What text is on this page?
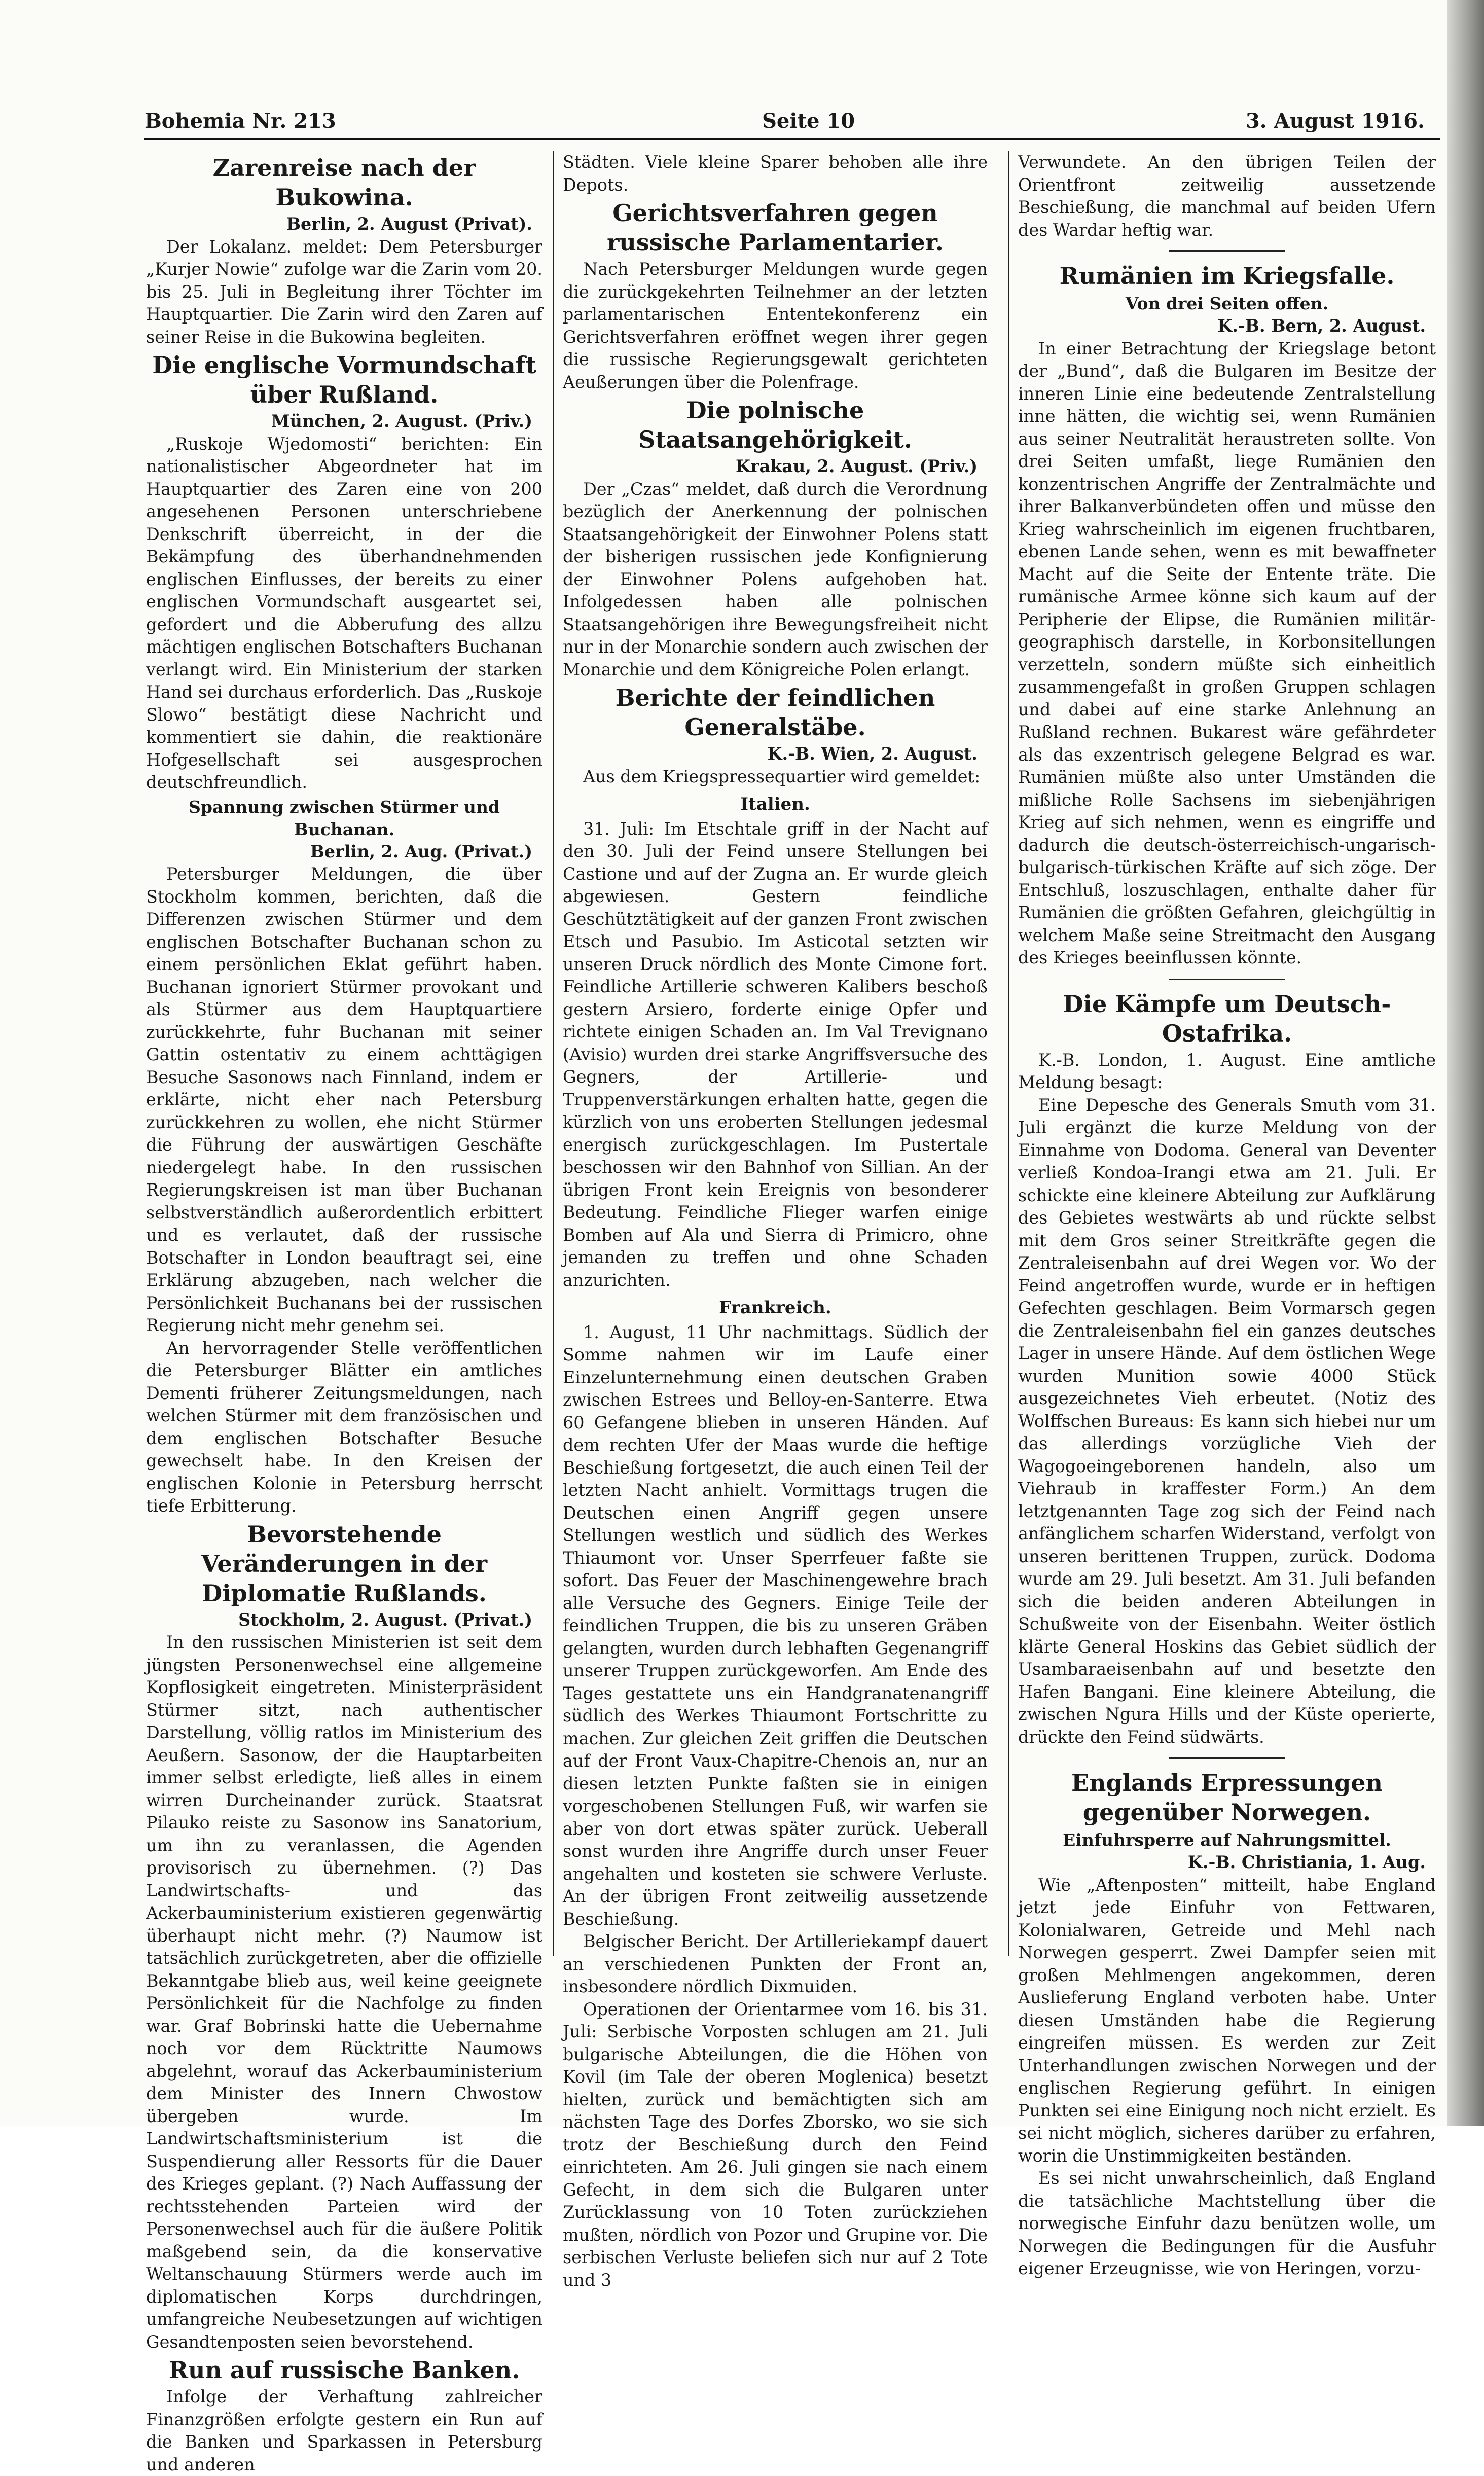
Bohemia Nr. 213	Seite 10	3. August 1916.
Zarenreise nach der Bukowina.

Berlin, 2. August (Privat).

Der Lokalanz. meldet: Dem Petersburger „Kurjer Nowie“ zufolge war die Zarin vom 20. bis 25. Juli in Begleitung ihrer Töchter im Hauptquartier. Die Zarin wird den Zaren auf seiner Reise in die Bukowina begleiten.

Die englische Vormundschaft über Rußland.

München, 2. August. (Priv.)

„Ruskoje Wjedomosti“ berichten: Ein nationalistischer Abgeordneter hat im Hauptquartier des Zaren eine von 200 angesehenen Personen unterschriebene Denkschrift überreicht, in der die Bekämpfung des überhandnehmenden englischen Einflusses, der bereits zu einer englischen Vormundschaft ausgeartet sei, gefordert und die Abberufung des allzu mächtigen englischen Botschafters Buchanan verlangt wird. Ein Ministerium der starken Hand sei durchaus erforderlich. Das „Ruskoje Slowo“ bestätigt diese Nachricht und kommentiert sie dahin, die reaktionäre Hofgesellschaft sei ausgesprochen deutschfreundlich.

Spannung zwischen Stürmer und Buchanan.

Berlin, 2. Aug. (Privat.)

Petersburger Meldungen, die über Stockholm kommen, berichten, daß die Differenzen zwischen Stürmer und dem englischen Botschafter Buchanan schon zu einem persönlichen Eklat geführt haben. Buchanan ignoriert Stürmer provokant und als Stürmer aus dem Hauptquartiere zurückkehrte, fuhr Buchanan mit seiner Gattin ostentativ zu einem achttägigen Besuche Sasonows nach Finnland, indem er erklärte, nicht eher nach Petersburg zurückkehren zu wollen, ehe nicht Stürmer die Führung der auswärtigen Geschäfte niedergelegt habe. In den russischen Regierungskreisen ist man über Buchanan selbstverständlich außerordentlich erbittert und es verlautet, daß der russische Botschafter in London beauftragt sei, eine Erklärung abzugeben, nach welcher die Persönlichkeit Buchanans bei der russischen Regierung nicht mehr genehm sei.

An hervorragender Stelle veröffentlichen die Petersburger Blätter ein amtliches Dementi früherer Zeitungsmeldungen, nach welchen Stürmer mit dem französischen und dem englischen Botschafter Besuche gewechselt habe. In den Kreisen der englischen Kolonie in Petersburg herrscht tiefe Erbitterung.

Bevorstehende Veränderungen in der Diplomatie Rußlands.

Stockholm, 2. August. (Privat.)

In den russischen Ministerien ist seit dem jüngsten Personenwechsel eine allgemeine Kopflosigkeit eingetreten. Ministerpräsident Stürmer sitzt, nach authentischer Darstellung, völlig ratlos im Ministerium des Aeußern. Sasonow, der die Hauptarbeiten immer selbst erledigte, ließ alles in einem wirren Durcheinander zurück. Staatsrat Pilauko reiste zu Sasonow ins Sanatorium, um ihn zu veranlassen, die Agenden provisorisch zu übernehmen. (?) Das Landwirtschafts- und das Ackerbauministerium existieren gegenwärtig überhaupt nicht mehr. (?) Naumow ist tatsächlich zurückgetreten, aber die offizielle Bekanntgabe blieb aus, weil keine geeignete Persönlichkeit für die Nachfolge zu finden war. Graf Bobrinski hatte die Uebernahme noch vor dem Rücktritte Naumows abgelehnt, worauf das Ackerbauministerium dem Minister des Innern Chwostow übergeben wurde. Im Landwirtschaftsministerium ist die Suspendierung aller Ressorts für die Dauer des Krieges geplant. (?) Nach Auffassung der rechtsstehenden Parteien wird der Personenwechsel auch für die äußere Politik maßgebend sein, da die konservative Weltanschauung Stürmers werde auch im diplomatischen Korps durchdringen, umfangreiche Neubesetzungen auf wichtigen Gesandtenposten seien bevorstehend.

Run auf russische Banken.

Infolge der Verhaftung zahlreicher Finanzgrößen erfolgte gestern ein Run auf die Banken und Sparkassen in Petersburg und anderen

Städten. Viele kleine Sparer behoben alle ihre Depots.

Gerichtsverfahren gegen russische Parlamentarier.

Nach Petersburger Meldungen wurde gegen die zurückgekehrten Teilnehmer an der letzten parlamentarischen Ententekonferenz ein Gerichtsverfahren eröffnet wegen ihrer gegen die russische Regierungsgewalt gerichteten Aeußerungen über die Polenfrage.

Die polnische Staatsangehörigkeit.

Krakau, 2. August. (Priv.)

Der „Czas“ meldet, daß durch die Verordnung bezüglich der Anerkennung der polnischen Staatsangehörigkeit der Einwohner Polens statt der bisherigen russischen jede Konfignierung der Einwohner Polens aufgehoben hat. Infolgedessen haben alle polnischen Staatsangehörigen ihre Bewegungsfreiheit nicht nur in der Monarchie sondern auch zwischen der Monarchie und dem Königreiche Polen erlangt.

Berichte der feindlichen Generalstäbe.

K.-B. Wien, 2. August.

Aus dem Kriegspressequartier wird gemeldet:

Italien.

31. Juli: Im Etschtale griff in der Nacht auf den 30. Juli der Feind unsere Stellungen bei Castione und auf der Zugna an. Er wurde gleich abgewiesen. Gestern feindliche Geschütztätigkeit auf der ganzen Front zwischen Etsch und Pasubio. Im Asticotal setzten wir unseren Druck nördlich des Monte Cimone fort. Feindliche Artillerie schweren Kalibers beschoß gestern Arsiero, forderte einige Opfer und richtete einigen Schaden an. Im Val Trevignano (Avisio) wurden drei starke Angriffsversuche des Gegners, der Artillerie- und Truppenverstärkungen erhalten hatte, gegen die kürzlich von uns eroberten Stellungen jedesmal energisch zurückgeschlagen. Im Pustertale beschossen wir den Bahnhof von Sillian. An der übrigen Front kein Ereignis von besonderer Bedeutung. Feindliche Flieger warfen einige Bomben auf Ala und Sierra di Primicro, ohne jemanden zu treffen und ohne Schaden anzurichten.

Frankreich.

1. August, 11 Uhr nachmittags. Südlich der Somme nahmen wir im Laufe einer Einzelunternehmung einen deutschen Graben zwischen Estrees und Belloy-en-Santerre. Etwa 60 Gefangene blieben in unseren Händen. Auf dem rechten Ufer der Maas wurde die heftige Beschießung fortgesetzt, die auch einen Teil der letzten Nacht anhielt. Vormittags trugen die Deutschen einen Angriff gegen unsere Stellungen westlich und südlich des Werkes Thiaumont vor. Unser Sperrfeuer faßte sie sofort. Das Feuer der Maschinengewehre brach alle Versuche des Gegners. Einige Teile der feindlichen Truppen, die bis zu unseren Gräben gelangten, wurden durch lebhaften Gegenangriff unserer Truppen zurückgeworfen. Am Ende des Tages gestattete uns ein Handgranatenangriff südlich des Werkes Thiaumont Fortschritte zu machen. Zur gleichen Zeit griffen die Deutschen auf der Front Vaux-Chapitre-Chenois an, nur an diesen letzten Punkte faßten sie in einigen vorgeschobenen Stellungen Fuß, wir warfen sie aber von dort etwas später zurück. Ueberall sonst wurden ihre Angriffe durch unser Feuer angehalten und kosteten sie schwere Verluste. An der übrigen Front zeitweilig aussetzende Beschießung.

Belgischer Bericht. Der Artilleriekampf dauert an verschiedenen Punkten der Front an, insbesondere nördlich Dixmuiden.

Operationen der Orientarmee vom 16. bis 31. Juli: Serbische Vorposten schlugen am 21. Juli bulgarische Abteilungen, die die Höhen von Kovil (im Tale der oberen Moglenica) besetzt hielten, zurück und bemächtigten sich am nächsten Tage des Dorfes Zborsko, wo sie sich trotz der Beschießung durch den Feind einrichteten. Am 26. Juli gingen sie nach einem Gefecht, in dem sich die Bulgaren unter Zurücklassung von 10 Toten zurückziehen mußten, nördlich von Pozor und Grupine vor. Die serbischen Verluste beliefen sich nur auf 2 Tote und 3

Verwundete. An den übrigen Teilen der Orientfront zeitweilig aussetzende Beschießung, die manchmal auf beiden Ufern des Wardar heftig war.

Rumänien im Kriegsfalle.
Von drei Seiten offen.

K.-B. Bern, 2. August.

In einer Betrachtung der Kriegslage betont der „Bund“, daß die Bulgaren im Besitze der inneren Linie eine bedeutende Zentralstellung inne hätten, die wichtig sei, wenn Rumänien aus seiner Neutralität heraustreten sollte. Von drei Seiten umfaßt, liege Rumänien den konzentrischen Angriffe der Zentralmächte und ihrer Balkanverbündeten offen und müsse den Krieg wahrscheinlich im eigenen fruchtbaren, ebenen Lande sehen, wenn es mit bewaffneter Macht auf die Seite der Entente träte. Die rumänische Armee könne sich kaum auf der Peripherie der Elipse, die Rumänien militär-geographisch darstelle, in Korbonsitellungen verzetteln, sondern müßte sich einheitlich zusammengefaßt in großen Gruppen schlagen und dabei auf eine starke Anlehnung an Rußland rechnen. Bukarest wäre gefährdeter als das exzentrisch gelegene Belgrad es war. Rumänien müßte also unter Umständen die mißliche Rolle Sachsens im siebenjährigen Krieg auf sich nehmen, wenn es eingriffe und dadurch die deutsch-österreichisch-ungarisch-bulgarisch-türkischen Kräfte auf sich zöge. Der Entschluß, loszuschlagen, enthalte daher für Rumänien die größten Gefahren, gleichgültig in welchem Maße seine Streitmacht den Ausgang des Krieges beeinflussen könnte.

Die Kämpfe um Deutsch-Ostafrika.

K.-B. London, 1. August. Eine amtliche Meldung besagt:

Eine Depesche des Generals Smuth vom 31. Juli ergänzt die kurze Meldung von der Einnahme von Dodoma. General van Deventer verließ Kondoa-Irangi etwa am 21. Juli. Er schickte eine kleinere Abteilung zur Aufklärung des Gebietes westwärts ab und rückte selbst mit dem Gros seiner Streitkräfte gegen die Zentraleisenbahn auf drei Wegen vor. Wo der Feind angetroffen wurde, wurde er in heftigen Gefechten geschlagen. Beim Vormarsch gegen die Zentraleisenbahn fiel ein ganzes deutsches Lager in unsere Hände. Auf dem östlichen Wege wurden Munition sowie 4000 Stück ausgezeichnetes Vieh erbeutet. (Notiz des Wolffschen Bureaus: Es kann sich hiebei nur um das allerdings vorzügliche Vieh der Wagogoeingeborenen handeln, also um Viehraub in kraffester Form.) An dem letztgenannten Tage zog sich der Feind nach anfänglichem scharfen Widerstand, verfolgt von unseren berittenen Truppen, zurück. Dodoma wurde am 29. Juli besetzt. Am 31. Juli befanden sich die beiden anderen Abteilungen in Schußweite von der Eisenbahn. Weiter östlich klärte General Hoskins das Gebiet südlich der Usambaraeisenbahn auf und besetzte den Hafen Bangani. Eine kleinere Abteilung, die zwischen Ngura Hills und der Küste operierte, drückte den Feind südwärts.

Englands Erpressungen gegenüber Norwegen.
Einfuhrsperre auf Nahrungsmittel.

K.-B. Christiania, 1. Aug.

Wie „Aftenposten“ mitteilt, habe England jetzt jede Einfuhr von Fettwaren, Kolonialwaren, Getreide und Mehl nach Norwegen gesperrt. Zwei Dampfer seien mit großen Mehlmengen angekommen, deren Auslieferung England verboten habe. Unter diesen Umständen habe die Regierung eingreifen müssen. Es werden zur Zeit Unterhandlungen zwischen Norwegen und der englischen Regierung geführt. In einigen Punkten sei eine Einigung noch nicht erzielt. Es sei nicht möglich, sicheres darüber zu erfahren, worin die Unstimmigkeiten beständen.

Es sei nicht unwahrscheinlich, daß England die tatsächliche Machtstellung über die norwegische Einfuhr dazu benützen wolle, um Norwegen die Bedingungen für die Ausfuhr eigener Erzeugnisse, wie von Heringen, vorzu-
